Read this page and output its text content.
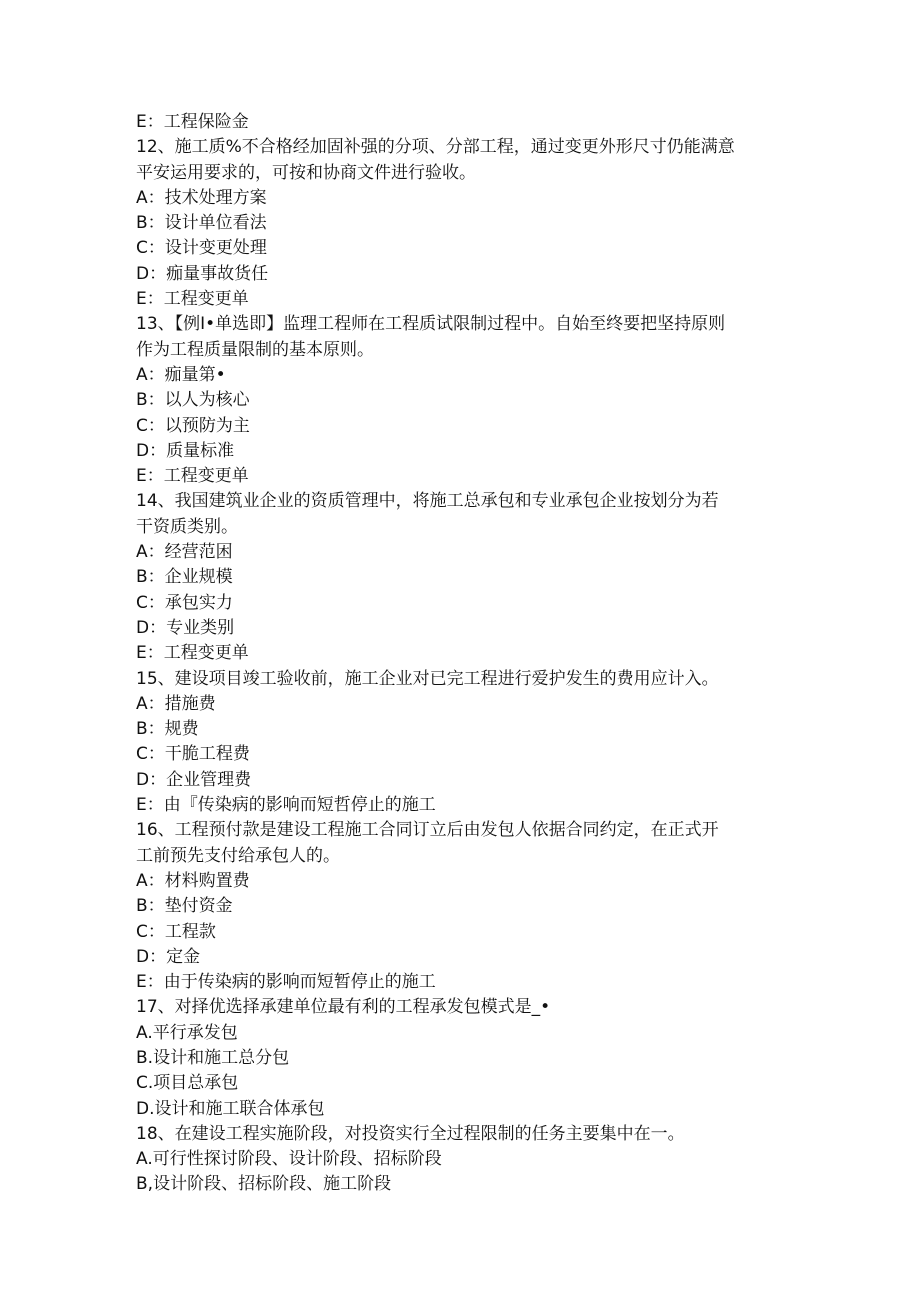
E：工程保险金
12、施工质%不合格经加固补强的分项、分部工程，通过变更外形尺寸仍能满意
平安运用要求的，可按和协商文件进行验收。
A：技术处理方案
B：设计单位看法
C：设计变更处理
D：痂量事故货任
E：工程变更单
13、【例I•单选即】监理工程师在工程质试限制过程中。自始至终要把坚持原则
作为工程质量限制的基本原则。
A：痂量第•
B：以人为核心
C：以预防为主
D：质量标准
E：工程变更单
14、我国建筑业企业的资质管理中，将施工总承包和专业承包企业按划分为若
干资质类别。
A：经营范困
B：企业规模
C：承包实力
D：专业类别
E：工程变更单
15、建设项目竣工验收前，施工企业对已完工程进行爱护发生的费用应计入。
A：措施费
B：规费
C：干脆工程费
D：企业管理费
E：由『传染病的影响而短哲停止的施工
16、工程预付款是建设工程施工合同订立后由发包人依据合同约定，在正式开
工前预先支付给承包人的。
A：材料购置费
B：垫付资金
C：工程款
D：定金
E：由于传染病的影响而短暂停止的施工
17、对择优选择承建单位最有利的工程承发包模式是_•
A.平行承发包
B.设计和施工总分包
C.项目总承包
D.设计和施工联合体承包
18、在建设工程实施阶段，对投资实行全过程限制的任务主要集中在一。
A.可行性探讨阶段、设计阶段、招标阶段
B,设计阶段、招标阶段、施工阶段
